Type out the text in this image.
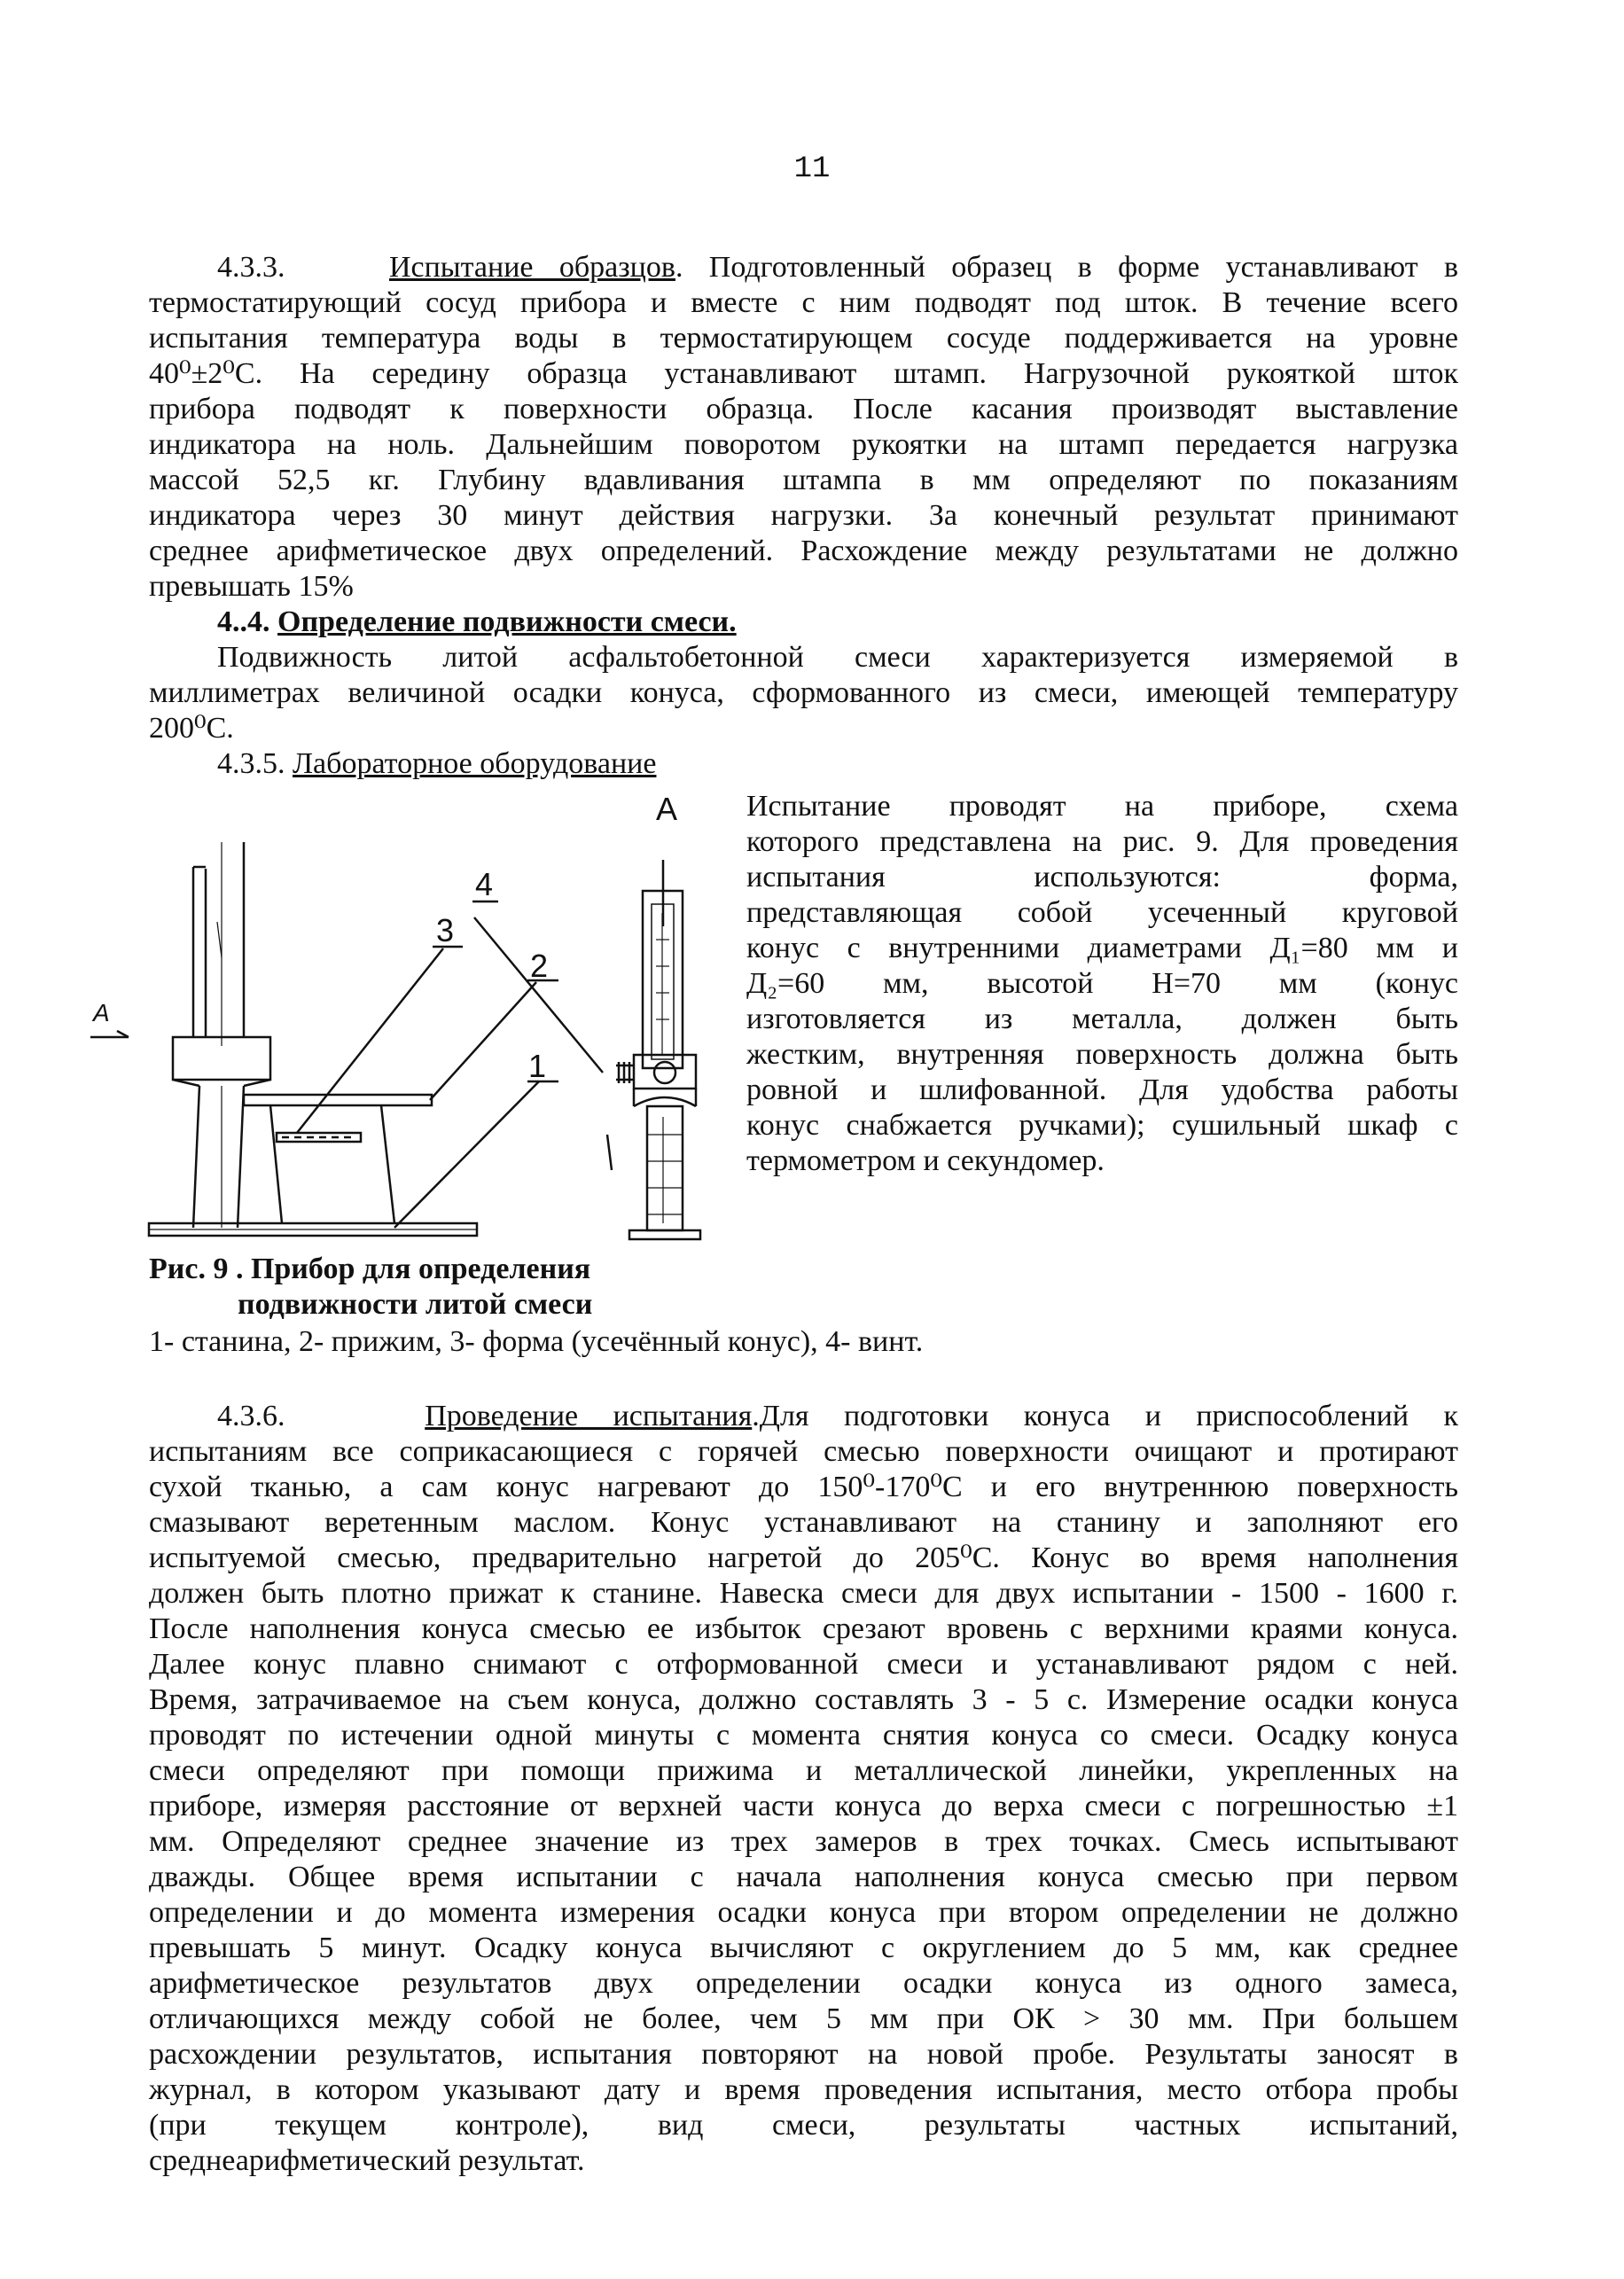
11
4.3.3.	Испытание образцов. Подготовленный образец в форме устанавливают в
термостатирующий сосуд прибора и вместе с ним подводят под шток. В течение всего
испытания температура воды в термостатирующем сосуде поддерживается на уровне
40⁰±2⁰С. На середину образца устанавливают штамп. Нагрузочной рукояткой шток
прибора подводят к поверхности образца. После касания производят выставление
индикатора на ноль. Дальнейшим поворотом рукоятки на штамп передается нагрузка
массой 52,5 кг. Глубину вдавливания штампа в мм определяют по показаниям
индикатора через 30 минут действия нагрузки. За конечный результат принимают
среднее арифметическое двух определений. Расхождение между результатами не должно
превышать 15%
4..4. Определение подвижности смеси.
Подвижность литой асфальтобетонной смеси характеризуется измеряемой в
миллиметрах величиной осадки конуса, сформованного из смеси, имеющей температуру
200⁰С.
4.3.5. Лабораторное оборудование
Испытание проводят на приборе, схема
которого представлена на рис. 9. Для проведения
испытания используются: форма,
представляющая собой усеченный круговой
конус с внутренними диаметрами Д₁=80 мм и
Д₂=60 мм, высотой Н=70 мм (конус
изготовляется из металла, должен быть
жестким, внутренняя поверхность должна быть
ровной и шлифованной. Для удобства работы
конус снабжается ручками); сушильный шкаф с
термометром и секундомер.
А
А
1
2
3
4
Рис. 9 . Прибор для определения
подвижности литой смеси
1- станина, 2- прижим, 3- форма (усечённый конус), 4- винт.
4.3.6.	Проведение испытания.Для подготовки конуса и приспособлений к
испытаниям все соприкасающиеся с горячей смесью поверхности очищают и протирают
сухой тканью, а сам конус нагревают до 150⁰-170⁰С и его внутреннюю поверхность
смазывают веретенным маслом. Конус устанавливают на станину и заполняют его
испытуемой смесью, предварительно нагретой до 205⁰С. Конус во время наполнения
должен быть плотно прижат к станине. Навеска смеси для двух испытании - 1500 - 1600 г.
После наполнения конуса смесью ее избыток срезают вровень с верхними краями конуса.
Далее конус плавно снимают с отформованной смеси и устанавливают рядом с ней.
Время, затрачиваемое на съем конуса, должно составлять 3 - 5 с. Измерение осадки конуса
проводят по истечении одной минуты с момента снятия конуса со смеси. Осадку конуса
смеси определяют при помощи прижима и металлической линейки, укрепленных на
приборе, измеряя расстояние от верхней части конуса до верха смеси с погрешностью ±1
мм. Определяют среднее значение из трех замеров в трех точках. Смесь испытывают
дважды. Общее время испытании с начала наполнения конуса смесью при первом
определении и до момента измерения осадки конуса при втором определении не должно
превышать 5 минут. Осадку конуса вычисляют с округлением до 5 мм, как среднее
арифметическое результатов двух определении осадки конуса из одного замеса,
отличающихся между собой не более, чем 5 мм при ОК > 30 мм. При большем
расхождении результатов, испытания повторяют на новой пробе. Результаты заносят в
журнал, в котором указывают дату и время проведения испытания, место отбора пробы
(при текущем контроле), вид смеси, результаты частных испытаний,
среднеарифметический результат.
